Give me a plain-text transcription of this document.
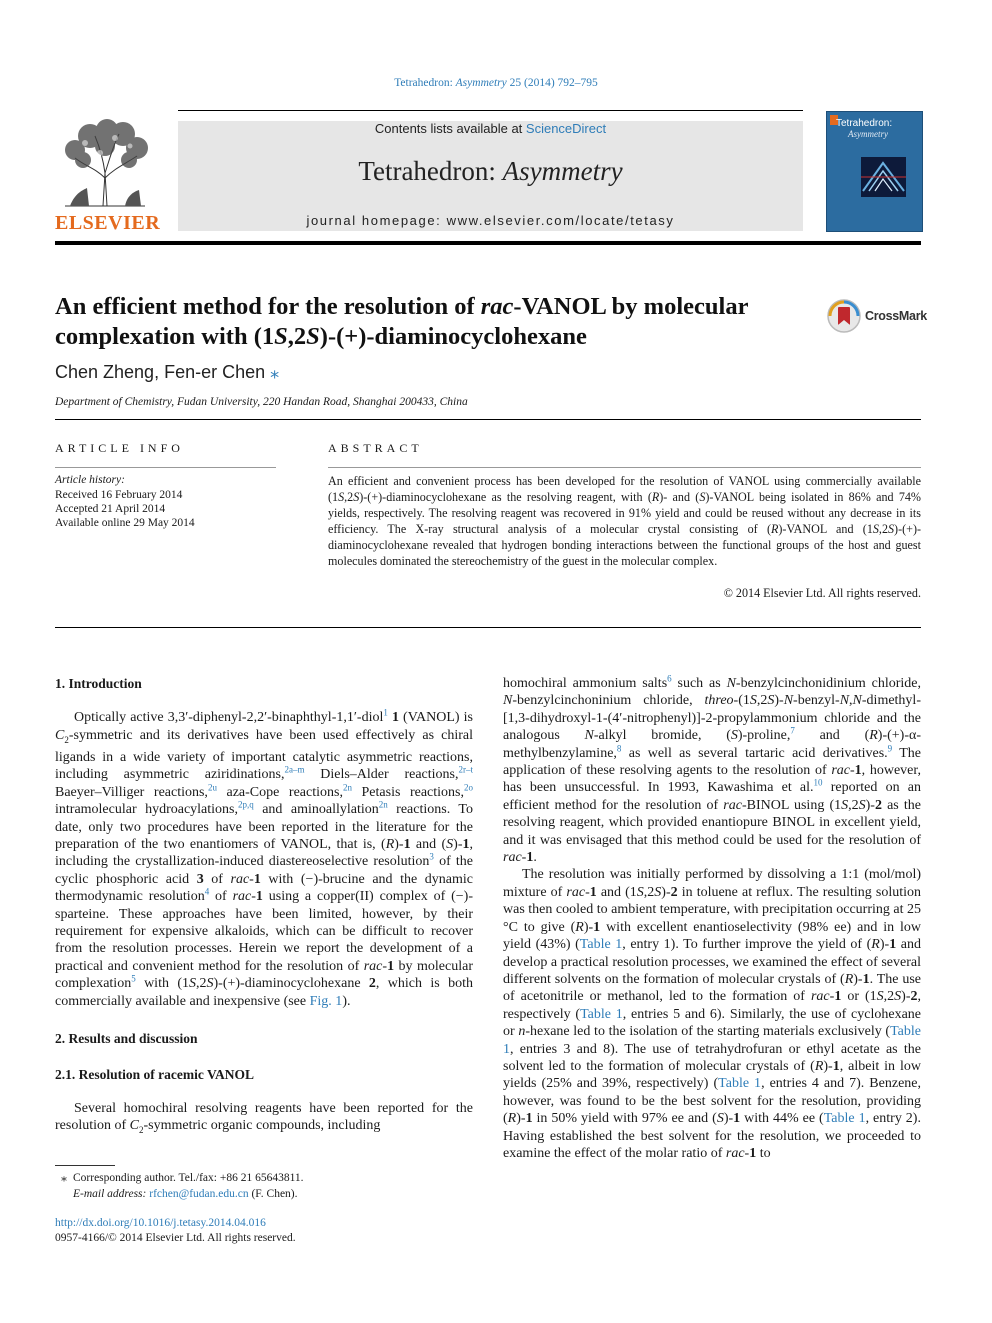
Tetrahedron: Asymmetry 25 (2014) 792–795
ELSEVIER
Contents lists available at ScienceDirect
Tetrahedron: Asymmetry
journal homepage: www.elsevier.com/locate/tetasy
Tetrahedron:
Asymmetry
An efficient method for the resolution of rac-VANOL by molecular
complexation with (1S,2S)-(+)-diaminocyclohexane
CrossMark
Chen Zheng, Fen-er Chen ⁎
Department of Chemistry, Fudan University, 220 Handan Road, Shanghai 200433, China
ARTICLE INFO
Article history:
Received 16 February 2014
Accepted 21 April 2014
Available online 29 May 2014
ABSTRACT
An efficient and convenient process has been developed for the resolution of VANOL using commercially available (1S,2S)-(+)-diaminocyclohexane as the resolving reagent, with (R)- and (S)-VANOL being isolated in 86% and 74% yields, respectively. The resolving reagent was recovered in 91% yield and could be reused without any decrease in its efficiency. The X-ray structural analysis of a molecular crystal consisting of (R)-VANOL and (1S,2S)-(+)-diaminocyclohexane revealed that hydrogen bonding interactions between the functional groups of the host and guest molecules dominated the stereochemistry of the guest in the molecular complex.
© 2014 Elsevier Ltd. All rights reserved.

1. Introduction

Optically active 3,3′-diphenyl-2,2′-binaphthyl-1,1′-diol$^1$ 1 (VANOL) is $C_2$-symmetric and its derivatives have been used effectively as chiral ligands in a wide variety of important catalytic asymmetric reactions, including asymmetric aziridinations,$^{2a-m}$ Diels–Alder reactions,$^{2r-t}$ Baeyer–Villiger reactions,$^{2u}$ aza-Cope reactions,$^{2n}$ Petasis reactions,$^{2o}$ intramolecular hydroacylations,$^{2p,q}$ and aminoallylation$^{2n}$ reactions. To date, only two procedures have been reported in the literature for the preparation of the two enantiomers of VANOL, that is, (R)-1 and (S)-1, including the crystallization-induced diastereoselective resolution$^3$ of the cyclic phosphoric acid 3 of rac-1 with (−)-brucine and the dynamic thermodynamic resolution$^4$ of rac-1 using a copper(II) complex of (−)-sparteine. These approaches have been limited, however, by their requirement for expensive alkaloids, which can be difficult to recover from the resolution processes. Herein we report the development of a practical and convenient method for the resolution of rac-1 by molecular complexation$^5$ with (1S,2S)-(+)-diaminocyclohexane 2, which is both commercially available and inexpensive (see Fig. 1).

2. Results and discussion

2.1. Resolution of racemic VANOL

Several homochiral resolving reagents have been reported for the resolution of $C_2$-symmetric organic compounds, including

⁎ Corresponding author. Tel./fax: +86 21 65643811.
E-mail address: rfchen@fudan.edu.cn (F. Chen).
http://dx.doi.org/10.1016/j.tetasy.2014.04.016
0957-4166/© 2014 Elsevier Ltd. All rights reserved.

homochiral ammonium salts$^6$ such as N-benzylcinchonidinium chloride, N-benzylcinchoninium chloride, threo-(1S,2S)-N-benzyl-N,N-dimethyl-[1,3-dihydroxyl-1-(4′-nitrophenyl)]-2-propylammonium chloride and the analogous N-alkyl bromide, (S)-proline,$^7$ and (R)-(+)-α-methylbenzylamine,$^8$ as well as several tartaric acid derivatives.$^9$ The application of these resolving agents to the resolution of rac-1, however, has been unsuccessful. In 1993, Kawashima et al.$^{10}$ reported on an efficient method for the resolution of rac-BINOL using (1S,2S)-2 as the resolving reagent, which provided enantiopure BINOL in excellent yield, and it was envisaged that this method could be used for the resolution of rac-1.

The resolution was initially performed by dissolving a 1:1 (mol/mol) mixture of rac-1 and (1S,2S)-2 in toluene at reflux. The resulting solution was then cooled to ambient temperature, with precipitation occurring at 25 °C to give (R)-1 with excellent enantioselectivity (98% ee) and in low yield (43%) (Table 1, entry 1). To further improve the yield of (R)-1 and develop a practical resolution processes, we examined the effect of several different solvents on the formation of molecular crystals of (R)-1. The use of acetonitrile or methanol, led to the formation of rac-1 or (1S,2S)-2, respectively (Table 1, entries 5 and 6). Similarly, the use of cyclohexane or n-hexane led to the isolation of the starting materials exclusively (Table 1, entries 3 and 8). The use of tetrahydrofuran or ethyl acetate as the solvent led to the formation of molecular crystals of (R)-1, albeit in low yields (25% and 39%, respectively) (Table 1, entries 4 and 7). Benzene, however, was found to be the best solvent for the resolution, providing (R)-1 in 50% yield with 97% ee and (S)-1 with 44% ee (Table 1, entry 2). Having established the best solvent for the resolution, we proceeded to examine the effect of the molar ratio of rac-1 to
